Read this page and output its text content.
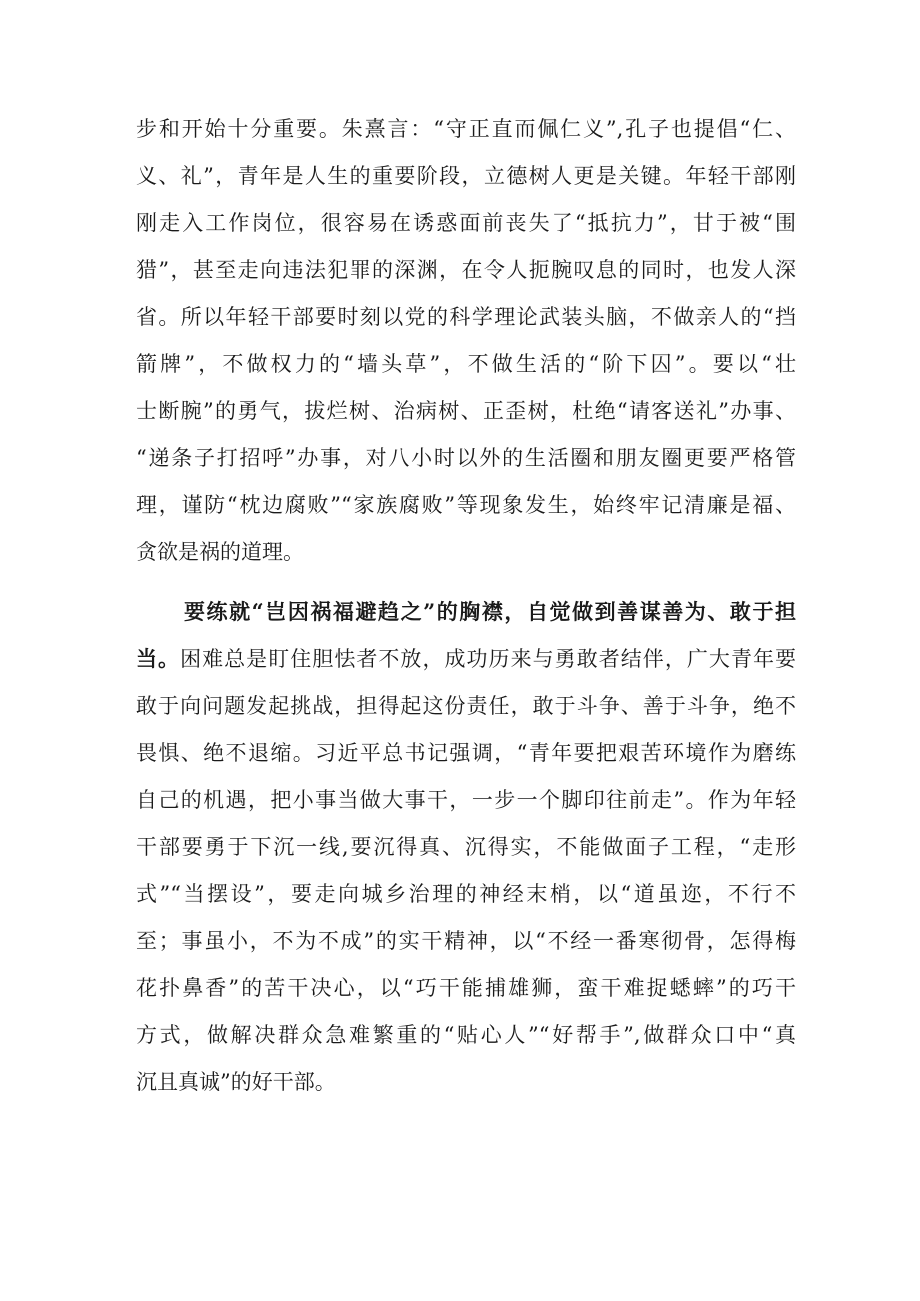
步和开始十分重要。朱熹言：“守正直而佩仁义”,孔子也提倡“仁、
义、礼”，青年是人生的重要阶段，立德树人更是关键。年轻干部刚
刚走入工作岗位，很容易在诱惑面前丧失了“抵抗力”，甘于被“围
猎”，甚至走向违法犯罪的深渊，在令人扼腕叹息的同时，也发人深
省。所以年轻干部要时刻以党的科学理论武装头脑，不做亲人的“挡
箭牌”，不做权力的“墙头草”，不做生活的“阶下囚”。要以“壮
士断腕”的勇气，拔烂树、治病树、正歪树，杜绝“请客送礼”办事、
“递条子打招呼”办事，对八小时以外的生活圈和朋友圈更要严格管
理，谨防“枕边腐败”“家族腐败”等现象发生，始终牢记清廉是福、
贪欲是祸的道理。
要练就“岂因祸福避趋之”的胸襟，自觉做到善谋善为、敢于担
当。困难总是盯住胆怯者不放，成功历来与勇敢者结伴，广大青年要
敢于向问题发起挑战，担得起这份责任，敢于斗争、善于斗争，绝不
畏惧、绝不退缩。习近平总书记强调，“青年要把艰苦环境作为磨练
自己的机遇，把小事当做大事干，一步一个脚印往前走”。作为年轻
干部要勇于下沉一线,要沉得真、沉得实，不能做面子工程，“走形
式”“当摆设”，要走向城乡治理的神经末梢，以“道虽迩，不行不
至；事虽小，不为不成”的实干精神，以“不经一番寒彻骨，怎得梅
花扑鼻香”的苦干决心，以“巧干能捕雄狮，蛮干难捉蟋蟀”的巧干
方式，做解决群众急难繁重的“贴心人”“好帮手”,做群众口中“真
沉且真诚”的好干部。
